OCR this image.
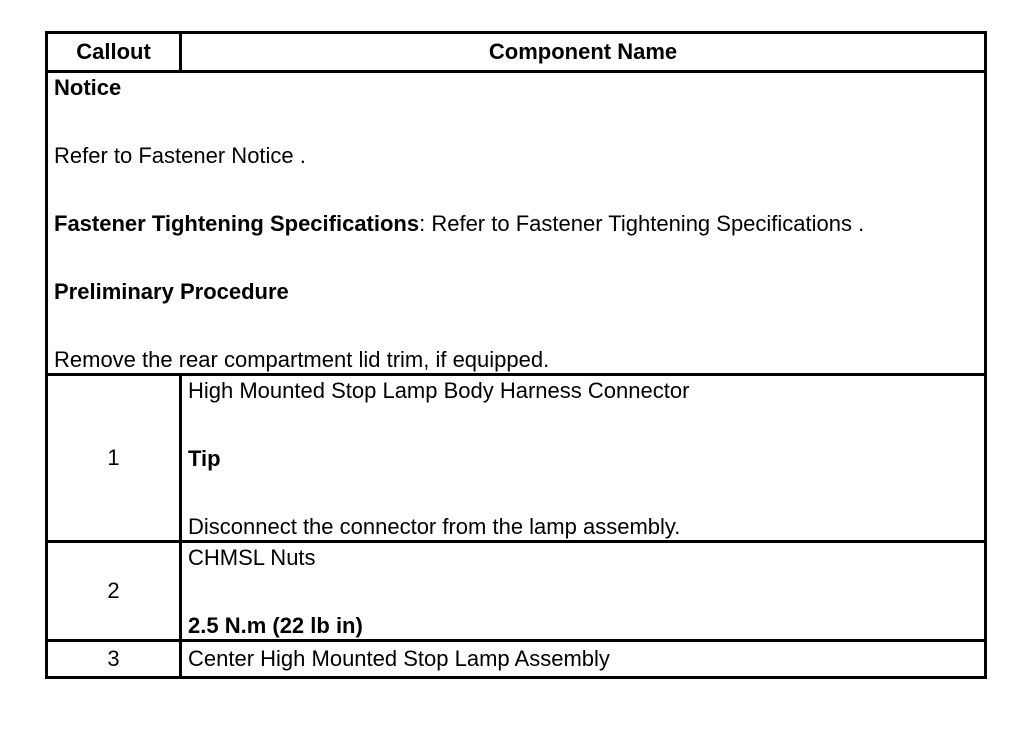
Callout	Component Name

Notice

Refer to Fastener Notice .

Fastener Tightening Specifications: Refer to Fastener Tightening Specifications .

Preliminary Procedure

Remove the rear compartment lid trim, if equipped.	

1	High Mounted Stop Lamp Body Harness Connector

Tip

Disconnect the connector from the lamp assembly.

2	CHMSL Nuts

2.5 N.m (22 lb in)

3	Center High Mounted Stop Lamp Assembly
